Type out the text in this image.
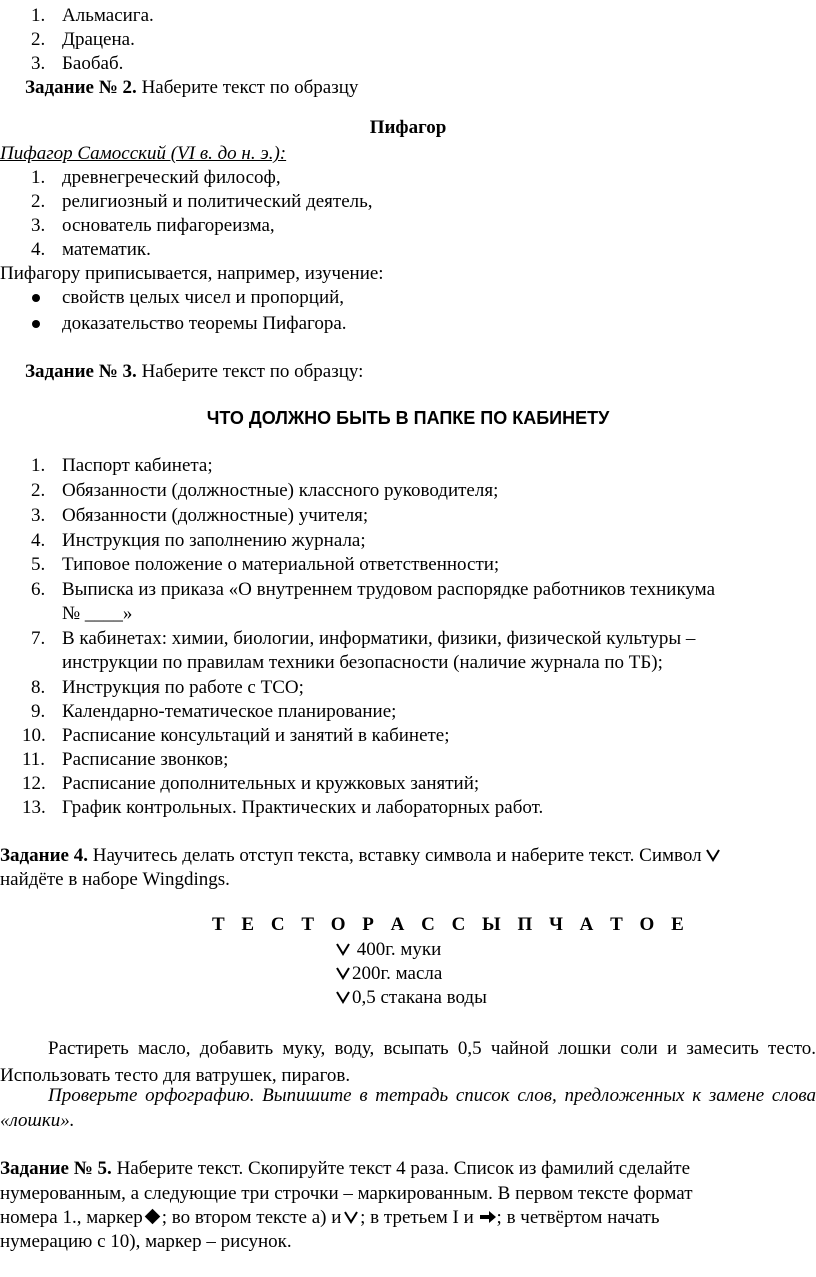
1. Альмасига.
2. Драцена.
3. Баобаб.
Задание № 2. Наберите текст по образцу
Пифагор
Пифагор Самосский (VI в. до н. э.):
1. древнегреческий философ,
2. религиозный и политический деятель,
3. основатель пифагореизма,
4. математик.
Пифагору приписывается, например, изучение:
свойств целых чисел и пропорций,
доказательство теоремы Пифагора.
Задание № 3. Наберите текст по образцу:
ЧТО ДОЛЖНО БЫТЬ В ПАПКЕ ПО КАБИНЕТУ
1. Паспорт кабинета;
2. Обязанности (должностные) классного руководителя;
3. Обязанности (должностные) учителя;
4. Инструкция по заполнению журнала;
5. Типовое положение о материальной ответственности;
6. Выписка из приказа «О внутреннем трудовом распорядке работников техникума
№ ____»
7. В кабинетах: химии, биологии, информатики, физики, физической культуры –
инструкции по правилам техники безопасности (наличие журнала по ТБ);
8. Инструкция по работе с ТСО;
9. Календарно-тематическое планирование;
10. Расписание консультаций и занятий в кабинете;
11. Расписание звонков;
12. Расписание дополнительных и кружковых занятий;
13. График контрольных. Практических и лабораторных работ.
Задание 4. Научитесь делать отступ текста, вставку символа и наберите текст. Символ
найдёте в наборе Wingdings.
Т Е С Т О Р А С С Ы П Ч А Т О Е
400г. муки
200г. масла
0,5 стакана воды
Растиреть масло, добавить муку, воду, всыпать 0,5 чайной лошки соли и замесить тесто. Использовать тесто для ватрушек, пирагов.
Проверьте орфографию. Выпишите в тетрадь список слов, предложенных к замене слова «лошки».
Задание № 5. Наберите текст. Скопируйте текст 4 раза. Список из фамилий сделайте
нумерованным, а следующие три строчки – маркированным. В первом тексте формат
номера 1., маркер ; во втором тексте а) и ; в третьем I и ; в четвёртом начать
нумерацию с 10), маркер – рисунок.
